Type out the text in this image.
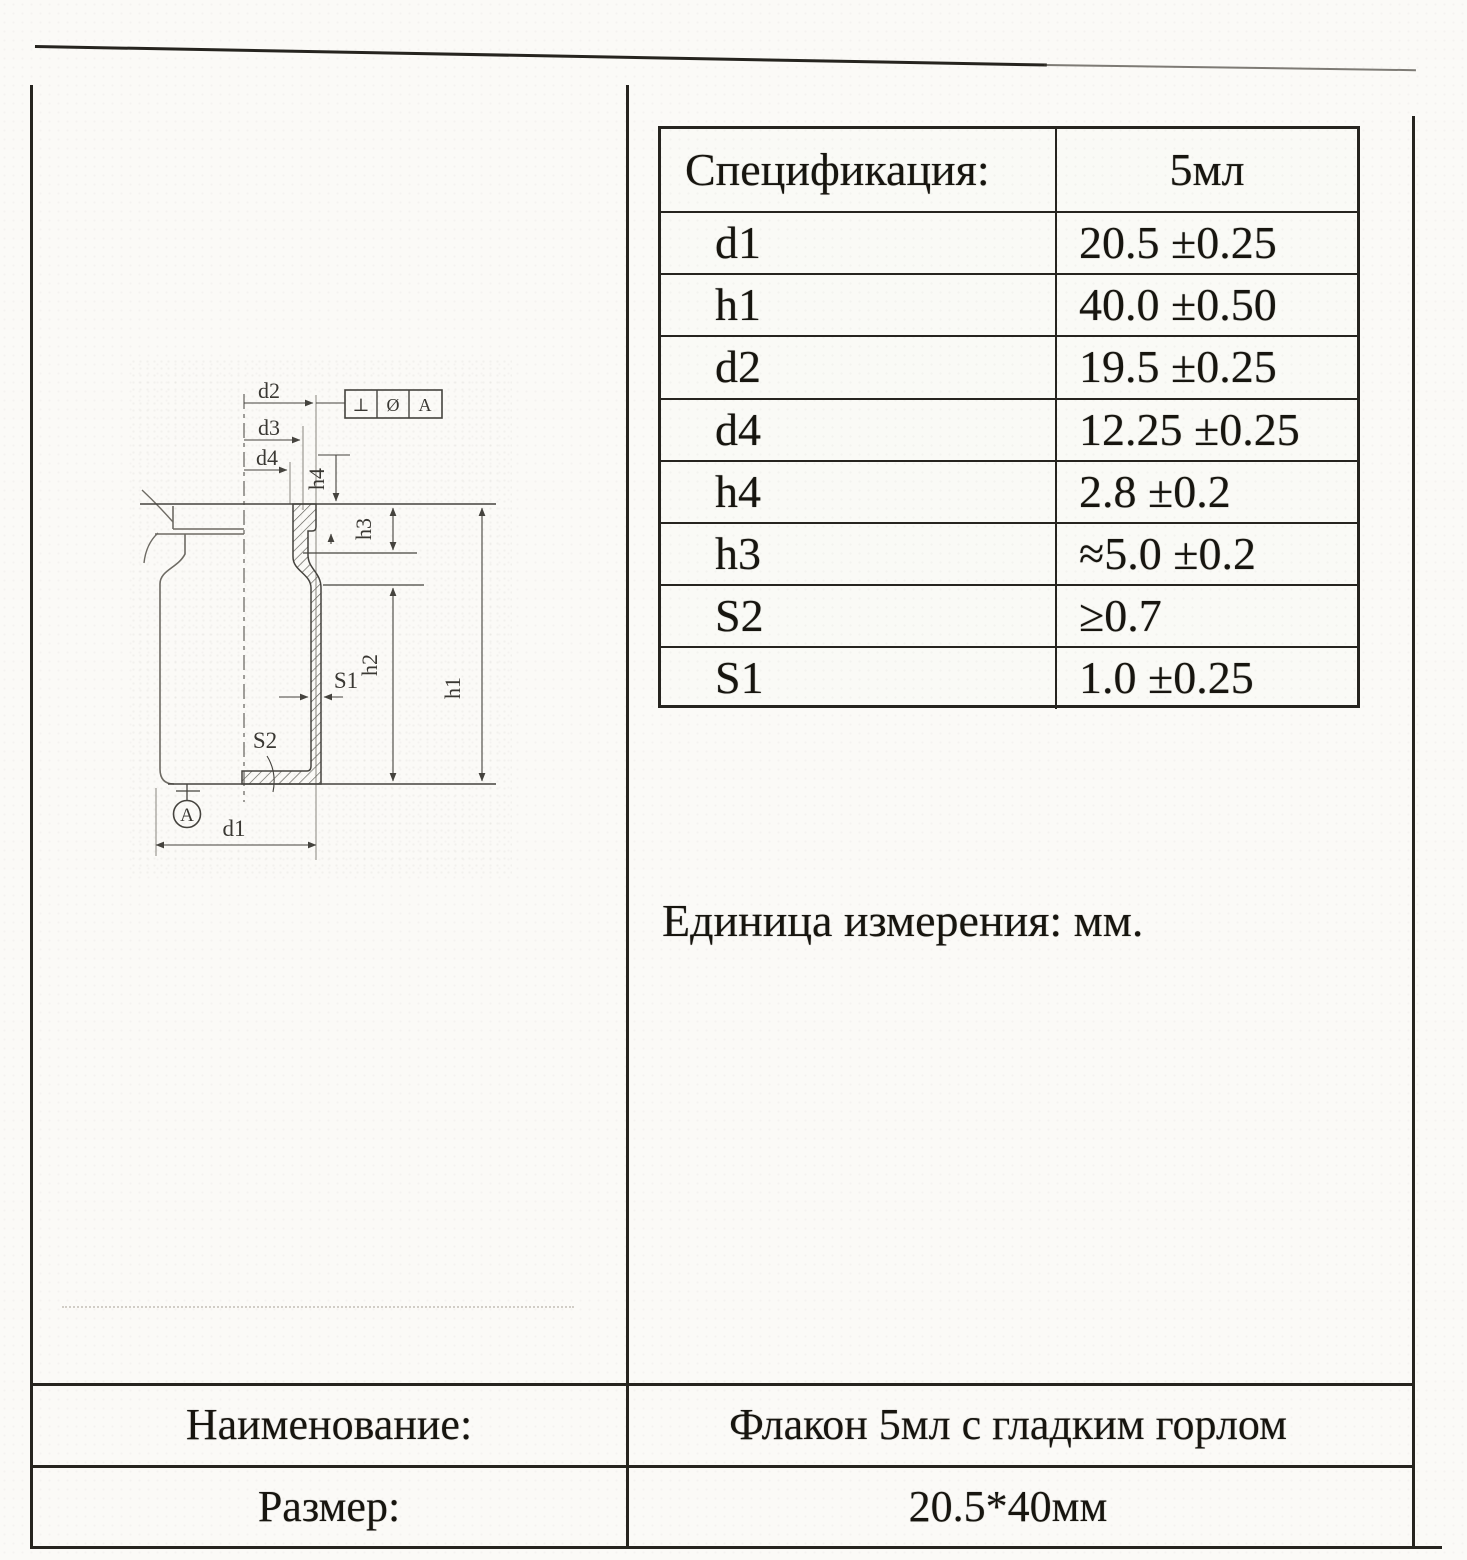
d2
d3
d4
⊥ Ø A
h4
h3
h2
h1
S1
S2
A
d1
Спецификация:	5мл
d1	20.5 ±0.25
h1	40.0 ±0.50
d2	19.5 ±0.25
d4	12.25 ±0.25
h4	2.8 ±0.2
h3	≈5.0 ±0.2
S2	≥0.7
S1	1.0 ±0.25
Единица измерения: мм.
Наименование:	Флакон 5мл с гладким горлом
Размер:	20.5*40мм
